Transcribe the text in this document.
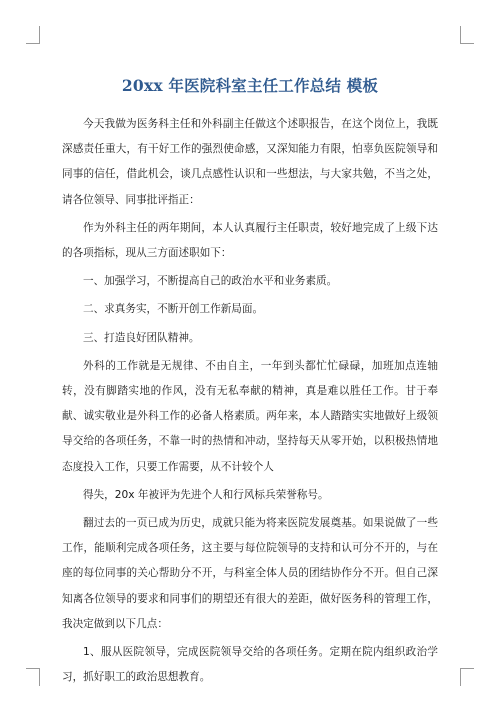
20xx 年医院科室主任工作总结 模板

今天我做为医务科主任和外科副主任做这个述职报告，在这个岗位上，我既深感责任重大，有干好工作的强烈使命感，又深知能力有限，怕辜负医院领导和同事的信任，借此机会，谈几点感性认识和一些想法，与大家共勉，不当之处，请各位领导、同事批评指正：

作为外科主任的两年期间，本人认真履行主任职责，较好地完成了上级下达的各项指标，现从三方面述职如下：

一、加强学习，不断提高自己的政治水平和业务素质。

二、求真务实，不断开创工作新局面。

三、打造良好团队精神。

外科的工作就是无规律、不由自主，一年到头都忙忙碌碌，加班加点连轴转，没有脚踏实地的作风，没有无私奉献的精神，真是难以胜任工作。甘于奉献、诚实敬业是外科工作的必备人格素质。两年来，本人踏踏实实地做好上级领导交给的各项任务，不靠一时的热情和冲动，坚持每天从零开始，以积极热情地态度投入工作，只要工作需要，从不计较个人

得失，20x 年被评为先进个人和行风标兵荣誉称号。

翻过去的一页已成为历史，成就只能为将来医院发展奠基。如果说做了一些工作，能顺利完成各项任务，这主要与每位院领导的支持和认可分不开的，与在座的每位同事的关心帮助分不开，与科室全体人员的团结协作分不开。但自己深知离各位领导的要求和同事们的期望还有很大的差距，做好医务科的管理工作，我决定做到以下几点：

1、服从医院领导，完成医院领导交给的各项任务。定期在院内组织政治学习，抓好职工的政治思想教育。
